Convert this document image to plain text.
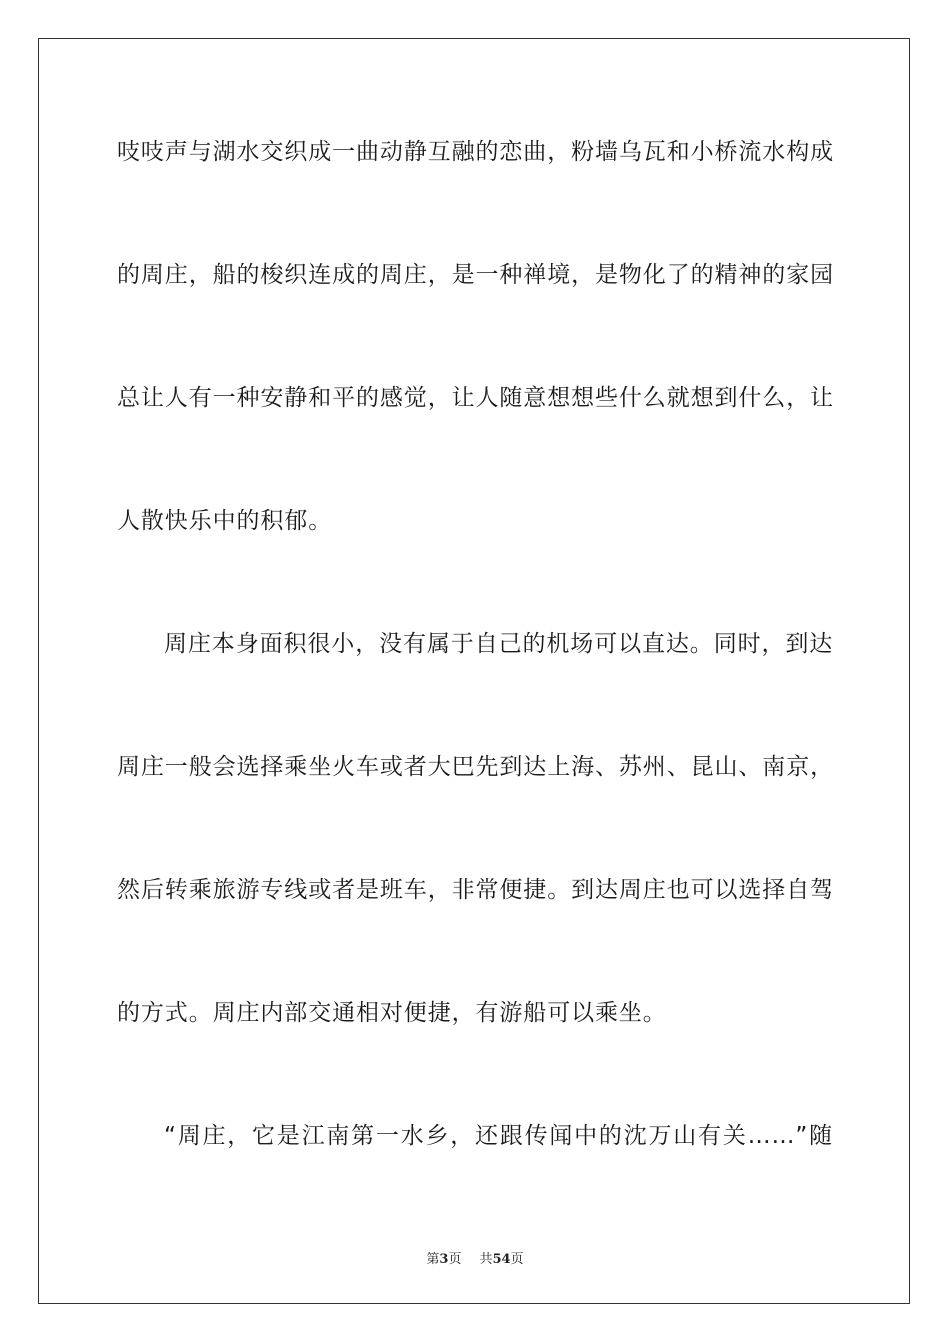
吱吱声与湖水交织成一曲动静互融的恋曲，粉墙乌瓦和小桥流水构成
的周庄，船的梭织连成的周庄，是一种禅境，是物化了的精神的家园
总让人有一种安静和平的感觉，让人随意想想些什么就想到什么，让
人散快乐中的积郁。
周庄本身面积很小，没有属于自己的机场可以直达。同时，到达
周庄一般会选择乘坐火车或者大巴先到达上海、苏州、昆山、南京，
然后转乘旅游专线或者是班车，非常便捷。到达周庄也可以选择自驾
的方式。周庄内部交通相对便捷，有游船可以乘坐。
“周庄，它是江南第一水乡，还跟传闻中的沈万山有关……”随
第3页 共54页
